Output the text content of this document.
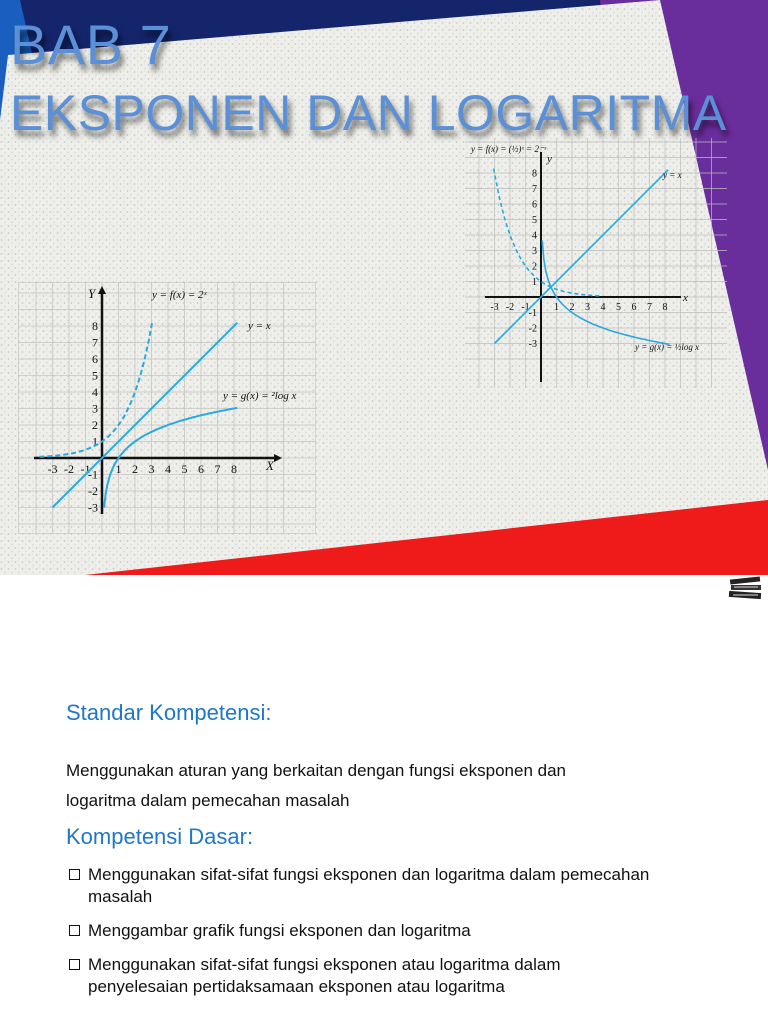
BAB 7
EKSPONEN DAN LOGARITMA
Y
X
-3 -2 -1 1 2 3 4 5 6 7 8
8
7
6
5
4
3
2
1
-1
-2
-3
y = f(x) = 2ˣ
y = x
y = g(x) = ²log x
y
x
-3 -2 -1 1 2 3 4 5 6 7 8
8
7
6
5
4
3
2
1
-1
-2
-3
y = f(x) = (½)ˣ = 2⁻ˣ
y = x
y = g(x) = ½log x
Standar Kompetensi:

Menggunakan aturan yang berkaitan dengan fungsi eksponen dan

logaritma dalam pemecahan masalah

Kompetensi Dasar:
Menggunakan sifat-sifat fungsi eksponen dan logaritma dalam pemecahan
masalah
Menggambar grafik fungsi eksponen dan logaritma
Menggunakan sifat-sifat fungsi eksponen atau logaritma dalam
penyelesaian pertidaksamaan eksponen atau logaritma
